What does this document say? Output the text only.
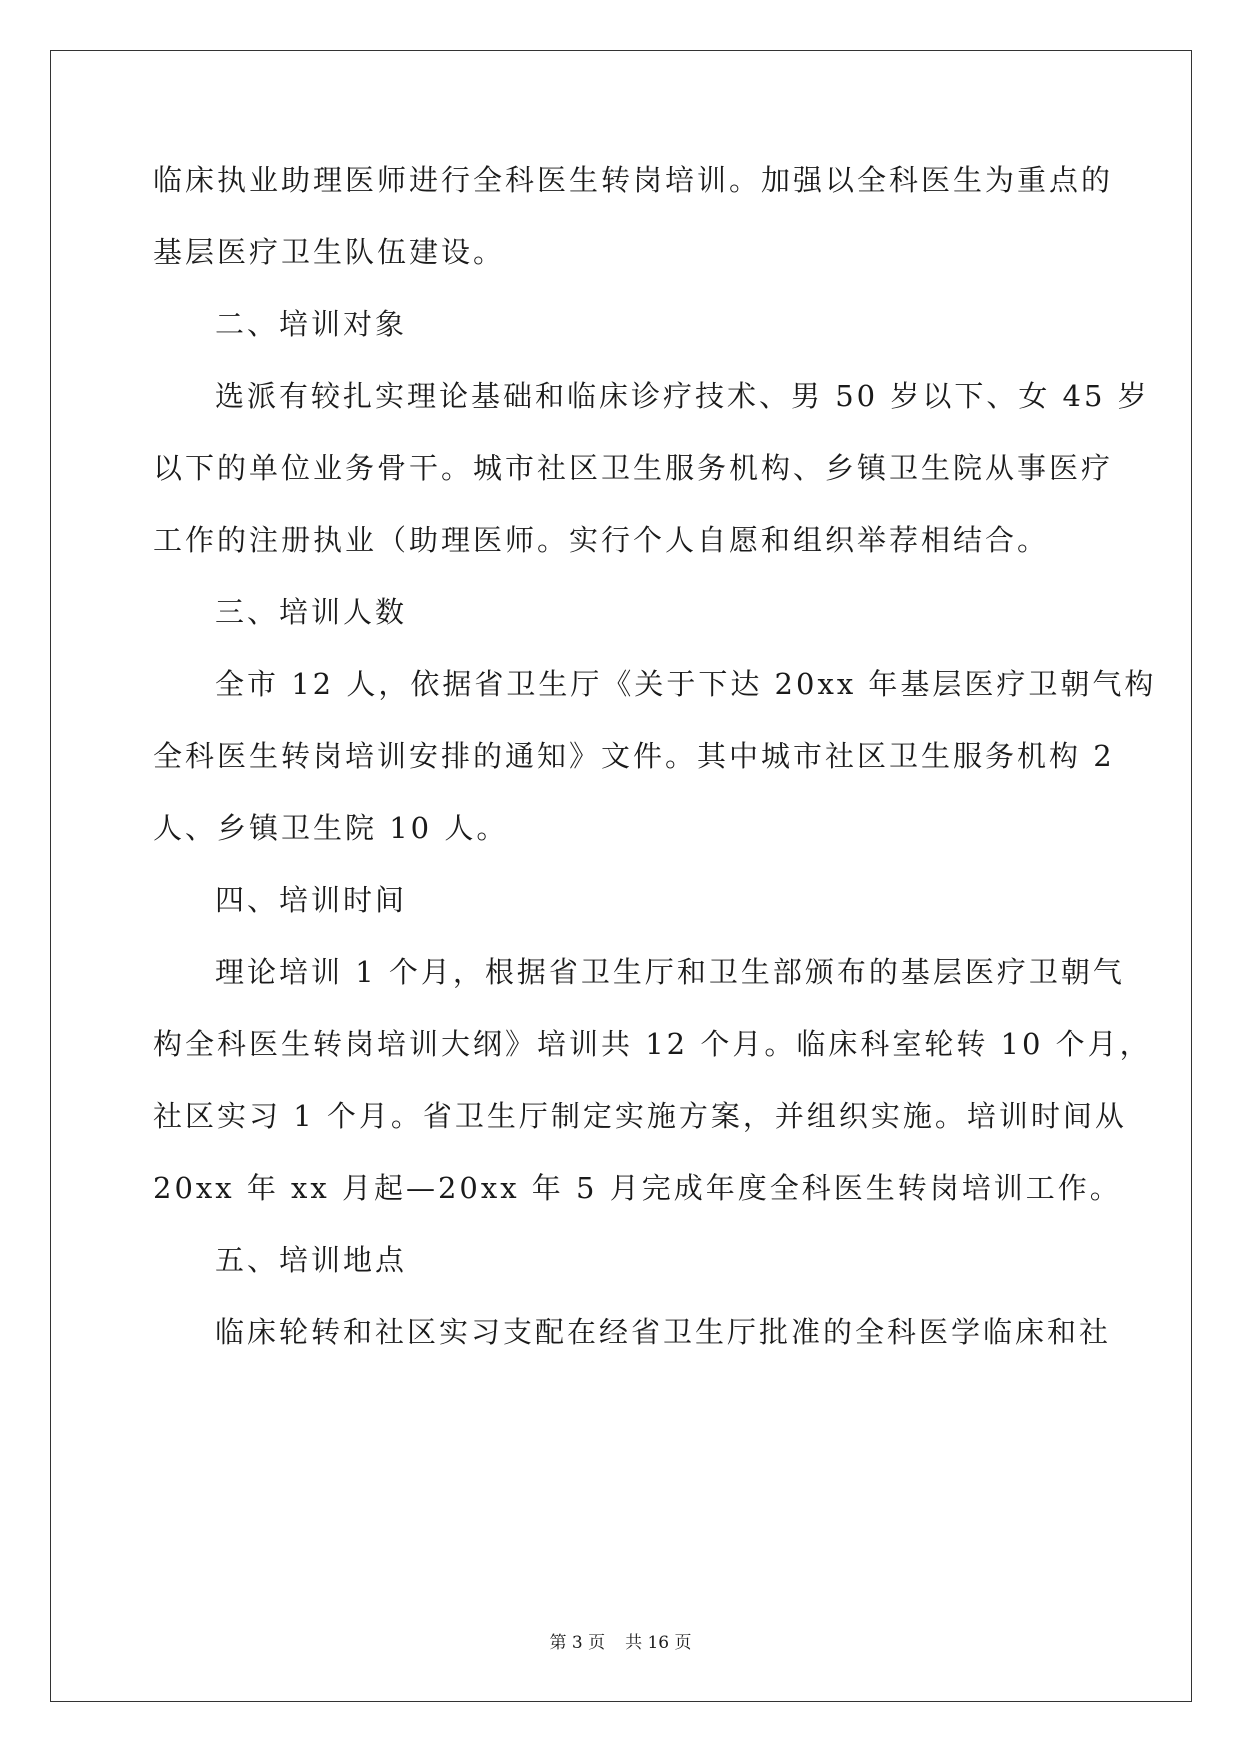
临床执业助理医师进行全科医生转岗培训。加强以全科医生为重点的
基层医疗卫生队伍建设。
二、培训对象
选派有较扎实理论基础和临床诊疗技术、男 50 岁以下、女 45 岁
以下的单位业务骨干。城市社区卫生服务机构、乡镇卫生院从事医疗
工作的注册执业（助理医师。实行个人自愿和组织举荐相结合。
三、培训人数
全市 12 人，依据省卫生厅《关于下达 20xx 年基层医疗卫朝气构
全科医生转岗培训安排的通知》文件。其中城市社区卫生服务机构 2
人、乡镇卫生院 10 人。
四、培训时间
理论培训 1 个月，根据省卫生厅和卫生部颁布的基层医疗卫朝气
构全科医生转岗培训大纲》培训共 12 个月。临床科室轮转 10 个月，
社区实习 1 个月。省卫生厅制定实施方案，并组织实施。培训时间从
20xx 年 xx 月起—20xx 年 5 月完成年度全科医生转岗培训工作。
五、培训地点
临床轮转和社区实习支配在经省卫生厅批准的全科医学临床和社
第 3 页 共 16 页
